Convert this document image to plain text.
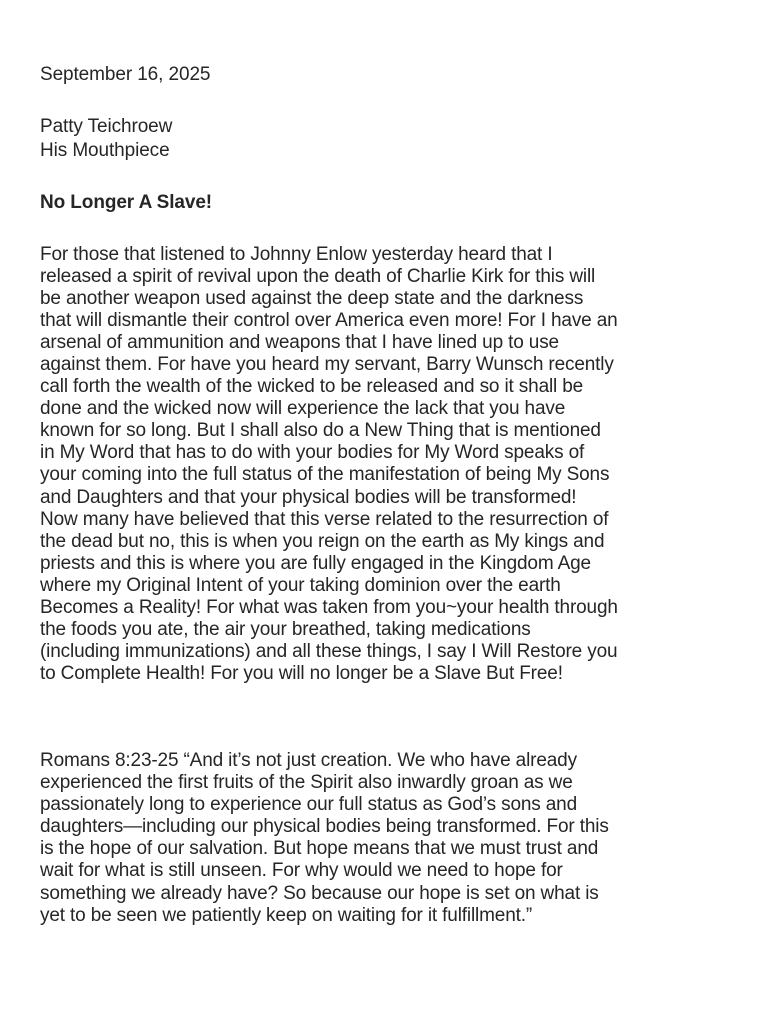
September 16, 2025
Patty Teichroew
His Mouthpiece
No Longer A Slave!
For those that listened to Johnny Enlow yesterday heard that I
released a spirit of revival upon the death of Charlie Kirk for this will
be another weapon used against the deep state and the darkness
that will dismantle their control over America even more! For I have an
arsenal of ammunition and weapons that I have lined up to use
against them. For have you heard my servant, Barry Wunsch recently
call forth the wealth of the wicked to be released and so it shall be
done and the wicked now will experience the lack that you have
known for so long. But I shall also do a New Thing that is mentioned
in My Word that has to do with your bodies for My Word speaks of
your coming into the full status of the manifestation of being My Sons
and Daughters and that your physical bodies will be transformed!
Now many have believed that this verse related to the resurrection of
the dead but no, this is when you reign on the earth as My kings and
priests and this is where you are fully engaged in the Kingdom Age
where my Original Intent of your taking dominion over the earth
Becomes a Reality! For what was taken from you~your health through
the foods you ate, the air your breathed, taking medications
(including immunizations) and all these things, I say I Will Restore you
to Complete Health! For you will no longer be a Slave But Free!
Romans 8:23-25 “And it’s not just creation. We who have already
experienced the first fruits of the Spirit also inwardly groan as we
passionately long to experience our full status as God’s sons and
daughters—including our physical bodies being transformed. For this
is the hope of our salvation. But hope means that we must trust and
wait for what is still unseen. For why would we need to hope for
something we already have? So because our hope is set on what is
yet to be seen we patiently keep on waiting for it fulfillment.”
